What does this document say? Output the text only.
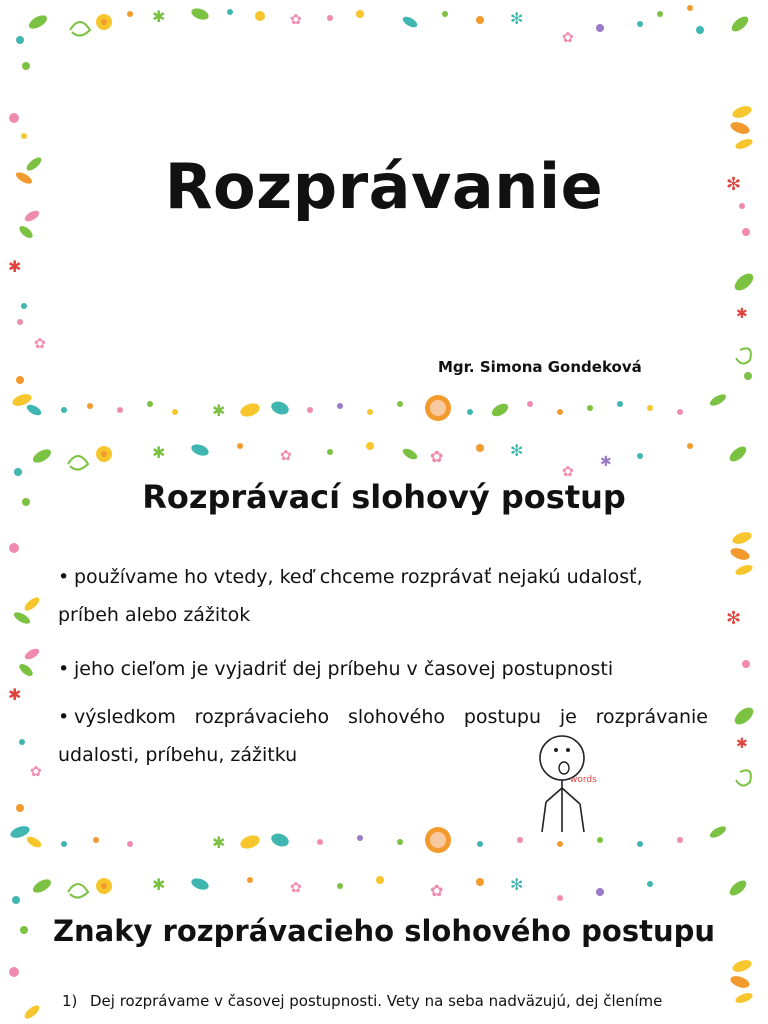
✱	✿	✻
✿
✱
✿
✻
✱
✱
Rozprávanie
Mgr. Simona Gondeková
✱	✿	✿	✻
✿
✱
✱
✿
✻
✱
✱
Rozprávací slohový postup
• používame ho vtedy, keď chceme rozprávať nejakú udalosť, príbeh alebo zážitok
• jeho cieľom je vyjadriť dej príbehu v časovej postupnosti
• výsledkom rozprávacieho slohového postupu je rozprávanie udalosti, príbehu, zážitku
words
✱	✿	✿	✻
Znaky rozprávacieho slohového postupu
1) Dej rozprávame v časovej postupnosti. Vety na seba nadväzujú, dej členíme
